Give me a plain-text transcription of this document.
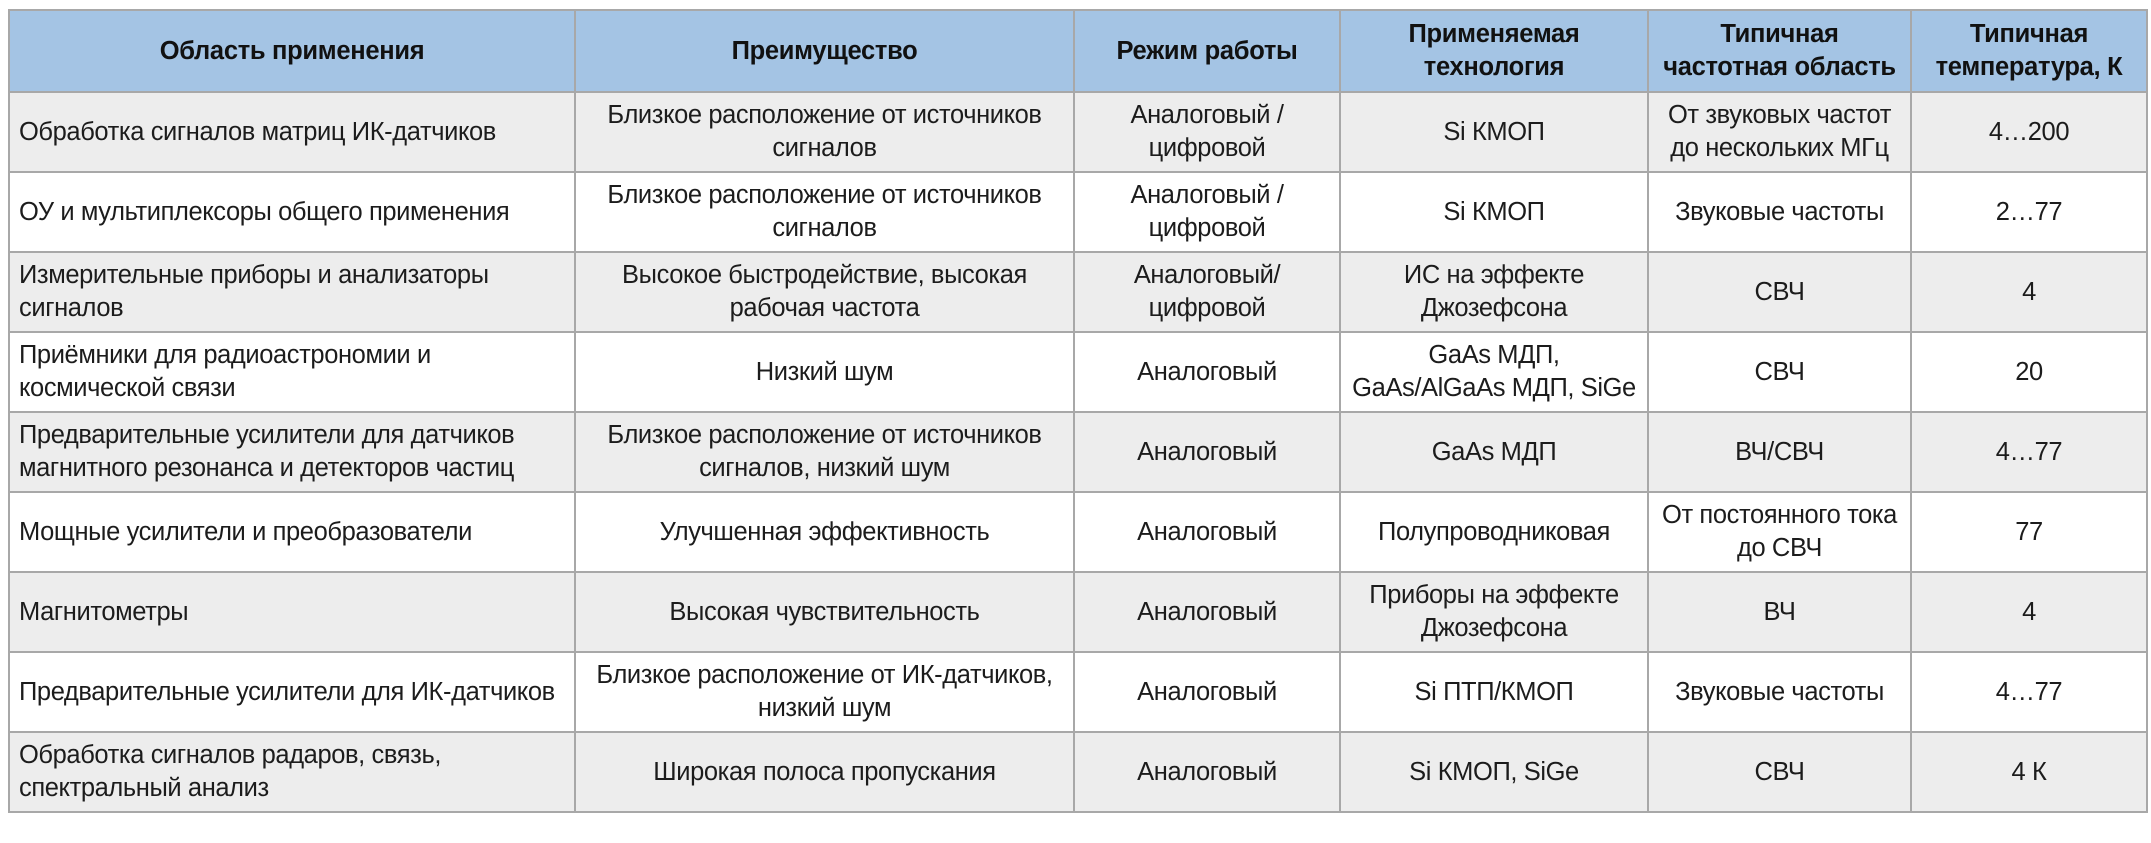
Область применения	Преимущество	Режим работы	Применяемая технология	Типичная частотная область	Типичная температура, К
Обработка сигналов матриц ИК-датчиков	Близкое расположение от источников сигналов	Аналоговый / цифровой	Si КМОП	От звуковых частот до нескольких МГц	4…200
ОУ и мультиплексоры общего применения	Близкое расположение от источников сигналов	Аналоговый / цифровой	Si КМОП	Звуковые частоты	2…77
Измерительные приборы и анализаторы сигналов	Высокое быстродействие, высокая рабочая частота	Аналоговый/ цифровой	ИС на эффекте Джозефсона	СВЧ	4
Приёмники для радиоастрономии и космической связи	Низкий шум	Аналоговый	GaAs МДП, GaAs/AlGaAs МДП, SiGe	СВЧ	20
Предварительные усилители для датчиков магнитного резонанса и детекторов частиц	Близкое расположение от источников сигналов, низкий шум	Аналоговый	GaAs МДП	ВЧ/СВЧ	4…77
Мощные усилители и преобразователи	Улучшенная эффективность	Аналоговый	Полупроводниковая	От постоянного тока до СВЧ	77
Магнитометры	Высокая чувствительность	Аналоговый	Приборы на эффекте Джозефсона	ВЧ	4
Предварительные усилители для ИК-датчиков	Близкое расположение от ИК-датчиков, низкий шум	Аналоговый	Si ПТП/КМОП	Звуковые частоты	4…77
Обработка сигналов радаров, связь, спектральный анализ	Широкая полоса пропускания	Аналоговый	Si КМОП, SiGe	СВЧ	4 К
